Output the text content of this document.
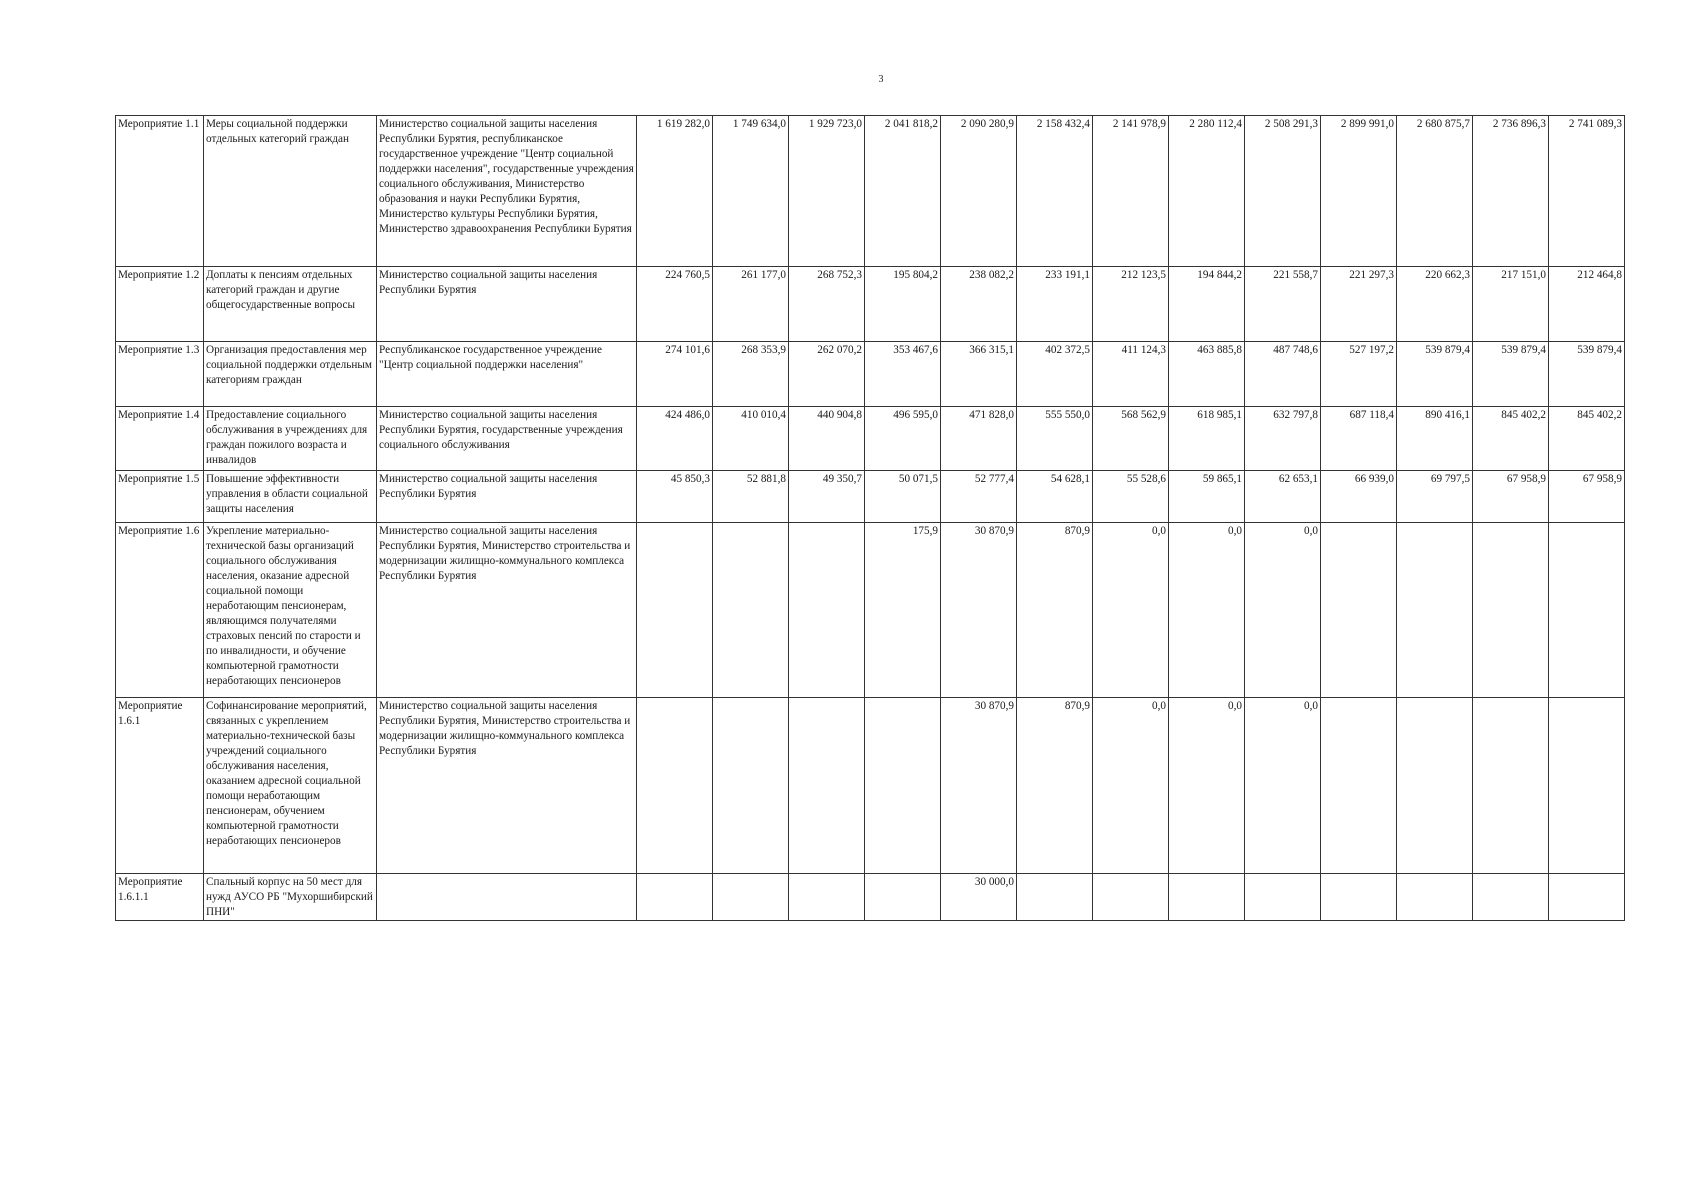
3
Мероприятие 1.1	Меры социальной поддержки отдельных категорий граждан	Министерство социальной защиты населения Республики Бурятия, республиканское государственное учреждение "Центр социальной поддержки населения", государственные учреждения социального обслуживания, Министерство образования и науки Республики Бурятия, Министерство культуры Республики Бурятия, Министерство здравоохранения Республики Бурятия	1 619 282,0	1 749 634,0	1 929 723,0	2 041 818,2	2 090 280,9	2 158 432,4	2 141 978,9	2 280 112,4	2 508 291,3	2 899 991,0	2 680 875,7	2 736 896,3	2 741 089,3
Мероприятие 1.2	Доплаты к пенсиям отдельных категорий граждан и другие общегосударственные вопросы	Министерство социальной защиты населения Республики Бурятия	224 760,5	261 177,0	268 752,3	195 804,2	238 082,2	233 191,1	212 123,5	194 844,2	221 558,7	221 297,3	220 662,3	217 151,0	212 464,8
Мероприятие 1.3	Организация предоставления мер социальной поддержки отдельным категориям граждан	Республиканское государственное учреждение "Центр социальной поддержки населения"	274 101,6	268 353,9	262 070,2	353 467,6	366 315,1	402 372,5	411 124,3	463 885,8	487 748,6	527 197,2	539 879,4	539 879,4	539 879,4
Мероприятие 1.4	Предоставление социального обслуживания в учреждениях для граждан пожилого возраста и инвалидов	Министерство социальной защиты населения Республики Бурятия, государственные учреждения социального обслуживания	424 486,0	410 010,4	440 904,8	496 595,0	471 828,0	555 550,0	568 562,9	618 985,1	632 797,8	687 118,4	890 416,1	845 402,2	845 402,2
Мероприятие 1.5	Повышение эффективности управления в области социальной защиты населения	Министерство социальной защиты населения Республики Бурятия	45 850,3	52 881,8	49 350,7	50 071,5	52 777,4	54 628,1	55 528,6	59 865,1	62 653,1	66 939,0	69 797,5	67 958,9	67 958,9
Мероприятие 1.6	Укрепление материально-технической базы организаций социального обслуживания населения, оказание адресной социальной помощи неработающим пенсионерам, являющимся получателями страховых пенсий по старости и по инвалидности, и обучение компьютерной грамотности неработающих пенсионеров	Министерство социальной защиты населения Республики Бурятия, Министерство строительства и модернизации жилищно-коммунального комплекса Республики Бурятия				175,9	30 870,9	870,9	0,0	0,0	0,0				
Мероприятие 1.6.1	Софинансирование мероприятий, связанных с укреплением материально-технической базы учреждений социального обслуживания населения, оказанием адресной социальной помощи неработающим пенсионерам, обучением компьютерной грамотности неработающих пенсионеров	Министерство социальной защиты населения Республики Бурятия, Министерство строительства и модернизации жилищно-коммунального комплекса Республики Бурятия					30 870,9	870,9	0,0	0,0	0,0				
Мероприятие 1.6.1.1	Спальный корпус на 50 мест для нужд АУСО РБ "Мухоршибирский ПНИ"						30 000,0								
